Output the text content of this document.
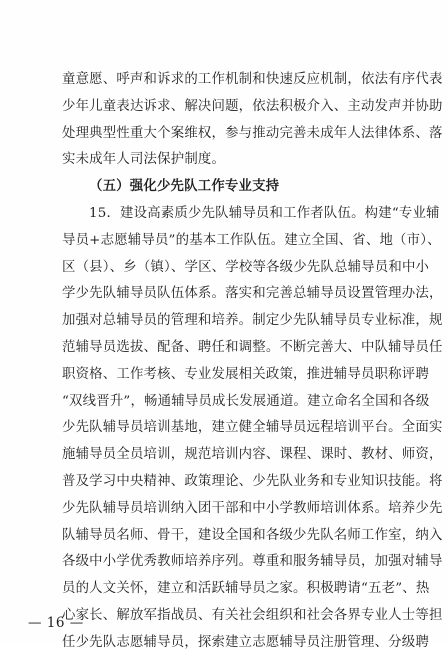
童意愿、呼声和诉求的工作机制和快速反应机制，依法有序代表
少年儿童表达诉求、解决问题，依法积极介入、主动发声并协助
处理典型性重大个案维权，参与推动完善未成年人法律体系、落
实未成年人司法保护制度。
（五）强化少先队工作专业支持
15．建设高素质少先队辅导员和工作者队伍。构建“专业辅
导员+志愿辅导员”的基本工作队伍。建立全国、省、地（市）、
区（县）、乡（镇）、学区、学校等各级少先队总辅导员和中小
学少先队辅导员队伍体系。落实和完善总辅导员设置管理办法，
加强对总辅导员的管理和培养。制定少先队辅导员专业标准，规
范辅导员选拔、配备、聘任和调整。不断完善大、中队辅导员任
职资格、工作考核、专业发展相关政策，推进辅导员职称评聘
“双线晋升”，畅通辅导员成长发展通道。建立命名全国和各级
少先队辅导员培训基地，建立健全辅导员远程培训平台。全面实
施辅导员全员培训，规范培训内容、课程、课时、教材、师资，
普及学习中央精神、政策理论、少先队业务和专业知识技能。将
少先队辅导员培训纳入团干部和中小学教师培训体系。培养少先
队辅导员名师、骨干，建设全国和各级少先队名师工作室，纳入
各级中小学优秀教师培养序列。尊重和服务辅导员，加强对辅导
员的人文关怀，建立和活跃辅导员之家。积极聘请“五老”、热
心家长、解放军指战员、有关社会组织和社会各界专业人士等担
任少先队志愿辅导员，探索建立志愿辅导员注册管理、分级聘
— 16 —
